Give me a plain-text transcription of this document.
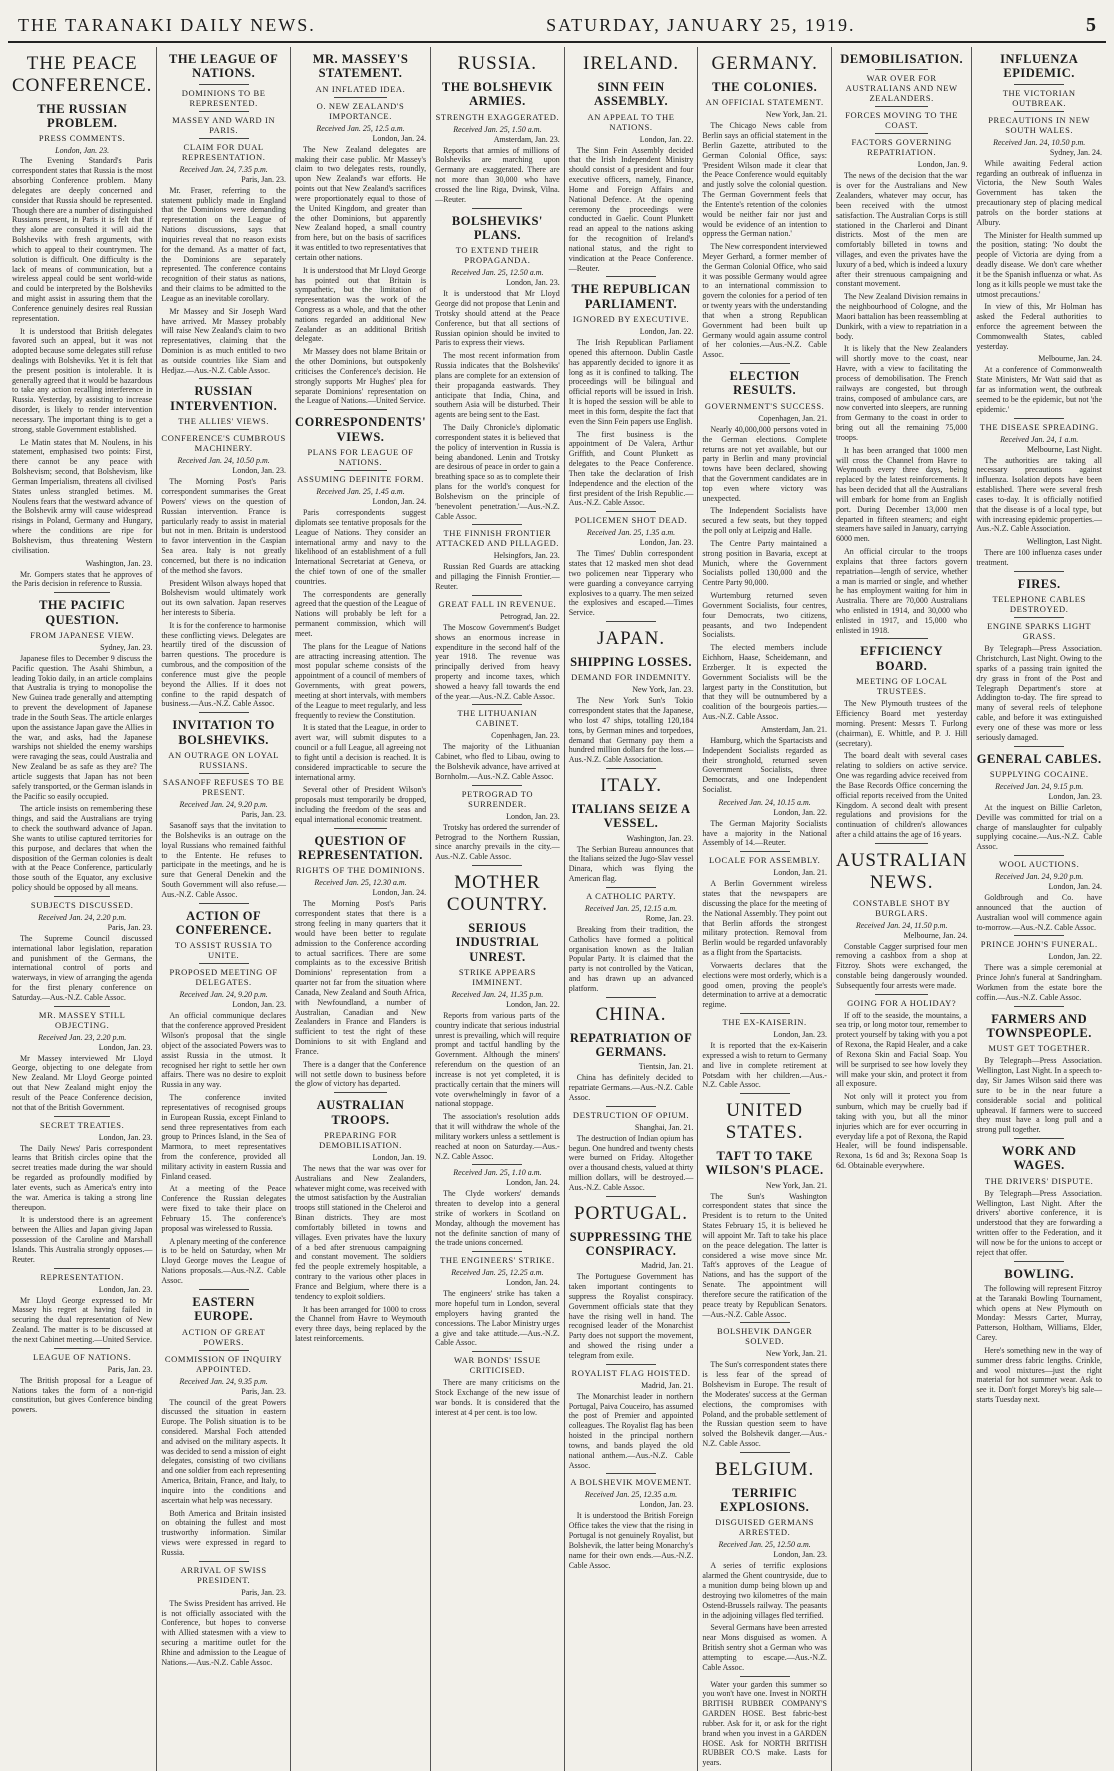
THE TARANAKI DAILY NEWS.	SATURDAY, JANUARY 25, 1919.	5
THE PEACE CONFERENCE.
THE RUSSIAN PROBLEM.
PRESS COMMENTS.
London, Jan. 23.

The Evening Standard's Paris correspondent states that Russia is the most absorbing Conference problem. Many delegates are deeply concerned and consider that Russia should be represented. Though there are a number of distinguished Russians present, in Paris it is felt that if they alone are consulted it will aid the Bolsheviks with fresh arguments, with which to appeal to their countrymen. The solution is difficult. One difficulty is the lack of means of communication, but a wireless appeal could be sent world-wide and could be interpreted by the Bolsheviks and might assist in assuring them that the Conference genuinely desires real Russian representation.

It is understood that British delegates favored such an appeal, but it was not adopted because some delegates still refuse dealings with Bolsheviks. Yet it is felt that the present position is intolerable. It is generally agreed that it would be hazardous to take any action recalling interference in Russia. Yesterday, by assisting to increase disorder, is likely to render intervention necessary. The important thing is to get a strong, stable Government established.

Le Matin states that M. Noulens, in his statement, emphasised two points: First, there cannot be any peace with Bolshevism; second, that Bolshevism, like German Imperialism, threatens all civilised States unless strangled betimes. M. Noulens fears that the westward advance of the Bolshevik army will cause widespread risings in Poland, Germany and Hungary, where the conditions are ripe for Bolshevism, thus threatening Western civilisation.

Washington, Jan. 23.

Mr. Gompers states that he approves of the Paris decision in reference to Russia.

THE PACIFIC QUESTION.
FROM JAPANESE VIEW.
Sydney, Jan. 23.

Japanese files to December 9 discuss the Pacific question. The Asahi Shimbun, a leading Tokio daily, in an article complains that Australia is trying to monopolise the New Guinea trade generally and attempting to prevent the development of Japanese trade in the South Seas. The article enlarges upon the assistance Japan gave the Allies in the war, and asks, had the Japanese warships not shielded the enemy warships were ravaging the seas, could Australia and New Zealand be as safe as they are? The article suggests that Japan has not been safely transported, or the German islands in the Pacific so easily occupied.

The article insists on remembering these things, and said the Australians are trying to check the southward advance of Japan. She wants to utilise captured territories for this purpose, and declares that when the disposition of the German colonies is dealt with at the Peace Conference, particularly those south of the Equator, any exclusive policy should be opposed by all means.

SUBJECTS DISCUSSED.
Received Jan. 24, 2.20 p.m.
Paris, Jan. 23.

The Supreme Council discussed international labor legislation, reparation and punishment of the Germans, the international control of ports and waterways, in view of arranging the agenda for the first plenary conference on Saturday.—Aus.-N.Z. Cable Assoc.

MR. MASSEY STILL OBJECTING.
Received Jan. 23, 2.20 p.m.
London, Jan. 23.

Mr Massey interviewed Mr Lloyd George, objecting to one delegate from New Zealand. Mr Lloyd George pointed out that New Zealand might enjoy the result of the Peace Conference decision, not that of the British Government.

SECRET TREATIES.
London, Jan. 23.

The Daily News' Paris correspondent learns that British circles opine that the secret treaties made during the war should be regarded as profoundly modified by later events, such as America's entry into the war. America is taking a strong line thereupon.

It is understood there is an agreement between the Allies and Japan giving Japan possession of the Caroline and Marshall Islands. This Australia strongly opposes.—Reuter.

REPRESENTATION.
London, Jan. 23.

Mr Lloyd George expressed to Mr Massey his regret at having failed in securing the dual representation of New Zealand. The matter is to be discussed at the next Cabinet meeting.—United Service.

LEAGUE OF NATIONS.
Paris, Jan. 23.

The British proposal for a League of Nations takes the form of a non-rigid constitution, but gives Conference binding powers.

THE LEAGUE OF NATIONS.
DOMINIONS TO BE REPRESENTED.
MASSEY AND WARD IN PARIS.
CLAIM FOR DUAL REPRESENTATION.
Received Jan. 24, 7.35 p.m.
Paris, Jan. 23.

Mr. Fraser, referring to the statement publicly made in England that the Dominions were demanding representation on the League of Nations discussions, says that inquiries reveal that no reason exists for the demand. As a matter of fact, the Dominions are separately represented. The conference contains recognition of their status as nations, and their claims to be admitted to the League as an inevitable corollary.

Mr Massey and Sir Joseph Ward have arrived. Mr Massey probably will raise New Zealand's claim to two representatives, claiming that the Dominion is as much entitled to two as outside countries like Siam and Hedjaz.—Aus.-N.Z. Cable Assoc.

RUSSIAN INTERVENTION.
THE ALLIES' VIEWS.
CONFERENCE'S CUMBROUS MACHINERY.
Received Jan. 24, 10.50 p.m.
London, Jan. 23.

The Morning Post's Paris correspondent summarises the Great Powers' views on the question of Russian intervention. France is particularly ready to assist in material but not in men. Britain is understood to favor intervention in the Caspian Sea area. Italy is not greatly concerned, but there is no indication of the method she favors.

President Wilson always hoped that Bolshevism would ultimately work out its own salvation. Japan reserves her interests to Siberia.

It is for the conference to harmonise these conflicting views. Delegates are heartily tired of the discussion of barren questions. The procedure is cumbrous, and the composition of the conference must give the people beyond the Allies. If it does not confine to the rapid despatch of business.—Aus.-N.Z. Cable Assoc.

INVITATION TO BOLSHEVIKS.
AN OUTRAGE ON LOYAL RUSSIANS.
SASANOFF REFUSES TO BE PRESENT.
Received Jan. 24, 9.20 p.m.
Paris, Jan. 23.

Sasanoff says that the invitation to the Bolsheviks is an outrage on the loyal Russians who remained faithful to the Entente. He refuses to participate in the meetings, and he is sure that General Denekin and the South Government will also refuse.—Aus.-N.Z. Cable Assoc.

ACTION OF CONFERENCE.
TO ASSIST RUSSIA TO UNITE.
PROPOSED MEETING OF DELEGATES.
Received Jan. 24, 9.20 p.m.
London, Jan. 23.

An official communique declares that the conference approved President Wilson's proposal that the single object of the associated Powers was to assist Russia in the utmost. It recognised her right to settle her own affairs. There was no desire to exploit Russia in any way.

The conference invited representatives of recognised groups in European Russia, except Finland to send three representatives from each group to Princes Island, in the Sea of Marmora, to meet representatives from the conference, provided all military activity in eastern Russia and Finland ceased.

At a meeting of the Peace Conference the Russian delegates were fixed to take their place on February 15. The conference's proposal was wirelessed to Russia.

A plenary meeting of the conference is to be held on Saturday, when Mr Lloyd George moves the League of Nations proposals.—Aus.-N.Z. Cable Assoc.

EASTERN EUROPE.
ACTION OF GREAT POWERS.
COMMISSION OF INQUIRY APPOINTED.
Received Jan. 24, 9.35 p.m.
Paris, Jan. 23.

The council of the great Powers discussed the situation in eastern Europe. The Polish situation is to be considered. Marshal Foch attended and advised on the military aspects. It was decided to send a mission of eight delegates, consisting of two civilians and one soldier from each representing America, Britain, France, and Italy, to inquire into the conditions and ascertain what help was necessary.

Both America and Britain insisted on obtaining the fullest and most trustworthy information. Similar views were expressed in regard to Russia.

ARRIVAL OF SWISS PRESIDENT.
Paris, Jan. 23.

The Swiss President has arrived. He is not officially associated with the Conference, but hopes to converse with Allied statesmen with a view to securing a maritime outlet for the Rhine and admission to the League of Nations.—Aus.-N.Z. Cable Assoc.

MR. MASSEY'S STATEMENT.
AN INFLATED IDEA.
O. NEW ZEALAND'S IMPORTANCE.
Received Jan. 25, 12.5 a.m.
London, Jan. 24.

The New Zealand delegates are making their case public. Mr Massey's claim to two delegates rests, roundly, upon New Zealand's war efforts. He points out that New Zealand's sacrifices were proportionately equal to those of the United Kingdom, and greater than the other Dominions, but apparently New Zealand hoped, a small country from here, but on the basis of sacrifices it was entitled to two representatives that certain other nations.

It is understood that Mr Lloyd George has pointed out that Britain is sympathetic, but the limitation of representation was the work of the Congress as a whole, and that the other nations regarded an additional New Zealander as an additional British delegate.

Mr Massey does not blame Britain or the other Dominions, but outspokenly criticises the Conference's decision. He strongly supports Mr Hughes' plea for separate Dominions' representation on the League of Nations.—United Service.

CORRESPONDENTS' VIEWS.
PLANS FOR LEAGUE OF NATIONS.
ASSUMING DEFINITE FORM.
Received Jan. 25, 1.45 a.m.
London, Jan. 24.

Paris correspondents suggest diplomats see tentative proposals for the League of Nations. They consider an international army and navy to the likelihood of an establishment of a full International Secretariat at Geneva, or the chief town of one of the smaller countries.

The correspondents are generally agreed that the question of the League of Nations will probably be left for a permanent commission, which will meet.

The plans for the League of Nations are attracting increasing attention. The most popular scheme consists of the appointment of a council of members of Governments, with great powers, meeting at short intervals, with members of the League to meet regularly, and less frequently to review the Constitution.

It is stated that the League, in order to avert war, will submit disputes to a council or a full League, all agreeing not to fight until a decision is reached. It is considered impracticable to secure the international army.

Several other of President Wilson's proposals must temporarily be dropped, including the freedom of the seas and equal international economic treatment.

QUESTION OF REPRESENTATION.
RIGHTS OF THE DOMINIONS.
Received Jan. 25, 12.30 a.m.
London, Jan. 24.

The Morning Post's Paris correspondent states that there is a strong feeling in many quarters that it would have been better to regulate admission to the Conference according to actual sacrifices. There are some complaints as to the excessive British Dominions' representation from a quarter not far from the situation where Canada, New Zealand and South Africa, with Newfoundland, a number of Australian, Canadian and New Zealanders in France and Flanders is sufficient to test the right of these Dominions to sit with England and France.

There is a danger that the Conference will not settle down to business before the glow of victory has departed.

AUSTRALIAN TROOPS.
PREPARING FOR DEMOBILISATION.
London, Jan. 19.

The news that the war was over for Australians and New Zealanders, whatever might come, was received with the utmost satisfaction by the Australian troops still stationed in the Cheleroi and Binan districts. They are most comfortably billeted in towns and villages. Even privates have the luxury of a bed after strenuous campaigning and constant movement. The soldiers fed the people extremely hospitable, a contrary to the various other places in France and Belgium, where there is a tendency to exploit soldiers.

It has been arranged for 1000 to cross the Channel from Havre to Weymouth every three days, being replaced by the latest reinforcements.

RUSSIA.
THE BOLSHEVIK ARMIES.
STRENGTH EXAGGERATED.
Received Jan. 25, 1.50 a.m.
Amsterdam, Jan. 23.

Reports that armies of millions of Bolsheviks are marching upon Germany are exaggerated. There are not more than 30,000 who have crossed the line Riga, Dvinsk, Vilna.—Reuter.

BOLSHEVIKS' PLANS.
TO EXTEND THEIR PROPAGANDA.
Received Jan. 25, 12.50 a.m.
London, Jan. 23.

It is understood that Mr Lloyd George did not propose that Lenin and Trotsky should attend at the Peace Conference, but that all sections of Russian opinion should be invited to Paris to express their views.

The most recent information from Russia indicates that the Bolsheviks' plans are complete for an extension of their propaganda eastwards. They anticipate that India, China, and southern Asia will be disturbed. Their agents are being sent to the East.

The Daily Chronicle's diplomatic correspondent states it is believed that the policy of intervention in Russia is being abandoned. Lenin and Trotsky are desirous of peace in order to gain a breathing space so as to complete their plans for the world's conquest for Bolshevism on the principle of 'benevolent penetration.'—Aus.-N.Z. Cable Assoc.

THE FINNISH FRONTIER ATTACKED AND PILLAGED.
Helsingfors, Jan. 23.

Russian Red Guards are attacking and pillaging the Finnish Frontier.—Reuter.

GREAT FALL IN REVENUE.
Petrograd, Jan. 22.

The Moscow Government's Budget shows an enormous increase in expenditure in the second half of the year 1918. The revenue was principally derived from heavy property and income taxes, which showed a heavy fall towards the end of the year.—Aus.-N.Z. Cable Assoc.

THE LITHUANIAN CABINET.
Copenhagen, Jan. 23.

The majority of the Lithuanian Cabinet, who fled to Libau, owing to the Bolshevik advance, have arrived at Bornholm.—Aus.-N.Z. Cable Assoc.

PETROGRAD TO SURRENDER.
London, Jan. 23.

Trotsky has ordered the surrender of Petrograd to the Northern Russian, since anarchy prevails in the city.—Aus.-N.Z. Cable Assoc.

MOTHER COUNTRY.
SERIOUS INDUSTRIAL UNREST.
STRIKE APPEARS IMMINENT.
Received Jan. 24, 11.35 p.m.
London, Jan. 22.

Reports from various parts of the country indicate that serious industrial unrest is prevailing, which will require prompt and tactful handling by the Government. Although the miners' referendum on the question of an increase is not yet completed, it is practically certain that the miners will vote overwhelmingly in favor of a national stoppage.

The association's resolution adds that it will withdraw the whole of the military workers unless a settlement is reached at noon on Saturday.—Aus.-N.Z. Cable Assoc.

Received Jan. 25, 1.10 a.m.
London, Jan. 24.

The Clyde workers' demands threaten to develop into a general strike of workers in Scotland on Monday, although the movement has not the definite sanction of many of the trade unions concerned.

THE ENGINEERS' STRIKE.
Received Jan. 25, 12.25 a.m.
London, Jan. 24.

The engineers' strike has taken a more hopeful turn in London, several employers having granted the concessions. The Labor Ministry urges a give and take attitude.—Aus.-N.Z. Cable Assoc.

WAR BONDS' ISSUE CRITICISED.

There are many criticisms on the Stock Exchange of the new issue of war bonds. It is considered that the interest at 4 per cent. is too low.

IRELAND.
SINN FEIN ASSEMBLY.
AN APPEAL TO THE NATIONS.
London, Jan. 22.

The Sinn Fein Assembly decided that the Irish Independent Ministry should consist of a president and four executive officers, namely, Finance, Home and Foreign Affairs and National Defence. At the opening ceremony the proceedings were conducted in Gaelic. Count Plunkett read an appeal to the nations asking for the recognition of Ireland's national status, and the right to vindication at the Peace Conference.—Reuter.

THE REPUBLICAN PARLIAMENT.
IGNORED BY EXECUTIVE.
London, Jan. 22.

The Irish Republican Parliament opened this afternoon. Dublin Castle has apparently decided to ignore it as long as it is confined to talking. The proceedings will be bilingual and official reports will be issued in Irish. It is hoped the session will be able to meet in this form, despite the fact that even the Sinn Fein papers use English.

The first business is the appointment of De Valera, Arthur Griffith, and Count Plunkett as delegates to the Peace Conference. Then take the declaration of Irish Independence and the election of the first president of the Irish Republic.—Aus.-N.Z. Cable Assoc.

POLICEMEN SHOT DEAD.
Received Jan. 25, 1.35 a.m.
London, Jan. 23.

The Times' Dublin correspondent states that 12 masked men shot dead two policemen near Tipperary who were guarding a conveyance carrying explosives to a quarry. The men seized the explosives and escaped.—Times Service.

JAPAN.
SHIPPING LOSSES.
DEMAND FOR INDEMNITY.
New York, Jan. 23.

The New York Sun's Tokio correspondent states that the Japanese, who lost 47 ships, totalling 120,184 tons, by German mines and torpedoes, demand that Germany pay them a hundred million dollars for the loss.—Aus.-N.Z. Cable Association.

ITALY.
ITALIANS SEIZE A VESSEL.
Washington, Jan. 23.

The Serbian Bureau announces that the Italians seized the Jugo-Slav vessel Dinara, which was flying the American flag.

A CATHOLIC PARTY.
Received Jan. 25, 12.15 a.m.
Rome, Jan. 23.

Breaking from their tradition, the Catholics have formed a political organisation known as the Italian Popular Party. It is claimed that the party is not controlled by the Vatican, and has drawn up an advanced platform.

CHINA.
REPATRIATION OF GERMANS.
Tientsin, Jan. 21.

China has definitely decided to repatriate Germans.—Aus.-N.Z. Cable Assoc.

DESTRUCTION OF OPIUM.
Shanghai, Jan. 21.

The destruction of Indian opium has begun. One hundred and twenty chests were burned on Friday. Altogether over a thousand chests, valued at thirty million dollars, will be destroyed.—Aus.-N.Z. Cable Assoc.

PORTUGAL.
SUPPRESSING THE CONSPIRACY.
Madrid, Jan. 21.

The Portuguese Government has taken important contingents to suppress the Royalist conspiracy. Government officials state that they have the rising well in hand. The recognised leader of the Monarchist Party does not support the movement, and showed the rising under a telegram from exile.

ROYALIST FLAG HOISTED.
Madrid, Jan. 21.

The Monarchist leader in northern Portugal, Paiva Couceiro, has assumed the post of Premier and appointed colleagues. The Royalist flag has been hoisted in the principal northern towns, and bands played the old national anthem.—Aus.-N.Z. Cable Assoc.

A BOLSHEVIK MOVEMENT.
Received Jan. 25, 12.35 a.m.
London, Jan. 23.

It is understood the British Foreign Office takes the view that the rising in Portugal is not genuinely Royalist, but Bolshevik, the latter being Monarchy's name for their own ends.—Aus.-N.Z. Cable Assoc.

GERMANY.
THE COLONIES.
AN OFFICIAL STATEMENT.
New York, Jan. 21.

The Chicago News cable from Berlin says an official statement in the Berlin Gazette, attributed to the German Colonial Office, says: 'President Wilson made it clear that the Peace Conference would equitably and justly solve the colonial question. The German Government feels that the Entente's retention of the colonies would be neither fair nor just and would be evidence of an intention to oppress the German nation.'

The New correspondent interviewed Meyer Gerhard, a former member of the German Colonial Office, who said it was possible Germany would agree to an international commission to govern the colonies for a period of ten or twenty years with the understanding that when a strong Republican Government had been built up Germany would again assume control of her colonies.—Aus.-N.Z. Cable Assoc.

ELECTION RESULTS.
GOVERNMENT'S SUCCESS.
Copenhagen, Jan. 21.

Nearly 40,000,000 persons voted in the German elections. Complete returns are not yet available, but our party in Berlin and many provincial towns have been declared, showing that the Government candidates are in top even where victory was unexpected.

The Independent Socialists have secured a few seats, but they topped the poll only at Leipzig and Halle.

The Centre Party maintained a strong position in Bavaria, except at Munich, where the Government Socialists polled 130,000 and the Centre Party 90,000.

Wurtemburg returned seven Government Socialists, four centres, four Democrats, two citizens, peasants, and two Independent Socialists.

The elected members include Eichhorn, Haase, Scheidemann, and Erzberger. It is expected the Government Socialists will be the largest party in the Constitution, but that they will be outnumbered by a coalition of the bourgeois parties.—Aus.-N.Z. Cable Assoc.

Amsterdam, Jan. 21.

Hamburg, which the Spartacists and Independent Socialists regarded as their stronghold, returned seven Government Socialists, three Democrats, and one Independent Socialist.

Received Jan. 24, 10.15 a.m.
London, Jan. 22.

The German Majority Socialists have a majority in the National Assembly of 14.—Reuter.

LOCALE FOR ASSEMBLY.
London, Jan. 21.

A Berlin Government wireless states that the newspapers are discussing the place for the meeting of the National Assembly. They point out that Berlin affords the strongest military protection. Removal from Berlin would be regarded unfavorably as a flight from the Spartacists.

Vorwaerts declares that the elections were most orderly, which is a good omen, proving the people's determination to arrive at a democratic regime.

THE EX-KAISERIN.
London, Jan. 23.

It is reported that the ex-Kaiserin expressed a wish to return to Germany and live in complete retirement at Potsdam with her children.—Aus.-N.Z. Cable Assoc.

UNITED STATES.
TAFT TO TAKE WILSON'S PLACE.
New York, Jan. 21.

The Sun's Washington correspondent states that since the President is to return to the United States February 15, it is believed he will appoint Mr. Taft to take his place on the peace delegation. The latter is considered a wise move since Mr. Taft's approves of the League of Nations, and has the support of the Senate. The appointment will therefore secure the ratification of the peace treaty by Republican Senators.—Aus.-N.Z. Cable Assoc.

BOLSHEVIK DANGER SOLVED.
New York, Jan. 21.

The Sun's correspondent states there is less fear of the spread of Bolshevism in Europe. The result of the Moderates' success at the German elections, the compromises with Poland, and the probable settlement of the Russian question seem to have solved the Bolshevik danger.—Aus.-N.Z. Cable Assoc.

BELGIUM.
TERRIFIC EXPLOSIONS.
DISGUISED GERMANS ARRESTED.
Received Jan. 25, 12.50 a.m.
London, Jan. 23.

A series of terrific explosions alarmed the Ghent countryside, due to a munition dump being blown up and destroying two kilometres of the main Ostend-Brussels railway. The peasants in the adjoining villages fled terrified.

Several Germans have been arrested near Mons disguised as women. A British sentry shot a German who was attempting to escape.—Aus.-N.Z. Cable Assoc.

Water your garden this summer so you won't have one. Invest in NORTH BRITISH RUBBER COMPANY'S GARDEN HOSE. Best fabric-best rubber. Ask for it, or ask for the right brand when you invest in a GARDEN HOSE. Ask for NORTH BRITISH RUBBER CO.'S make. Lasts for years.

DEMOBILISATION.
WAR OVER FOR AUSTRALIANS AND NEW ZEALANDERS.
FORCES MOVING TO THE COAST.
FACTORS GOVERNING REPATRIATION.
London, Jan. 9.

The news of the decision that the war is over for the Australians and New Zealanders, whatever may occur, has been received with the utmost satisfaction. The Australian Corps is still stationed in the Charleroi and Dinant districts. Most of the men are comfortably billeted in towns and villages, and even the privates have the luxury of a bed, which is indeed a luxury after their strenuous campaigning and constant movement.

The New Zealand Division remains in the neighbourhood of Cologne, and the Maori battalion has been reassembling at Dunkirk, with a view to repatriation in a body.

It is likely that the New Zealanders will shortly move to the coast, near Havre, with a view to facilitating the process of demobilisation. The French railways are congested, but through trains, composed of ambulance cars, are now converted into sleepers, are running from Germany to the coast in order to bring out all the remaining 75,000 troops.

It has been arranged that 1000 men will cross the Channel from Havre to Weymouth every three days, being replaced by the latest reinforcements. It has been decided that all the Australians will embark for home from an English port. During December 13,000 men departed in fifteen steamers; and eight steamers have sailed in January, carrying 6000 men.

An official circular to the troops explains that three factors govern repatriation—length of service, whether a man is married or single, and whether he has employment waiting for him in Australia. There are 70,000 Australians who enlisted in 1914, and 30,000 who enlisted in 1917, and 15,000 who enlisted in 1918.

EFFICIENCY BOARD.
MEETING OF LOCAL TRUSTEES.

The New Plymouth trustees of the Efficiency Board met yesterday morning. Present: Messrs T. Furlong (chairman), E. Whittle, and P. J. Hill (secretary).

The board dealt with several cases relating to soldiers on active service. One was regarding advice received from the Base Records Office concerning the official reports received from the United Kingdom. A second dealt with present regulations and provisions for the continuation of children's allowances after a child attains the age of 16 years.

AUSTRALIAN NEWS.
CONSTABLE SHOT BY BURGLARS.
Received Jan. 24, 11.50 p.m.
Melbourne, Jan. 24.

Constable Cagger surprised four men removing a cashbox from a shop at Fitzroy. Shots were exchanged, the constable being dangerously wounded. Subsequently four arrests were made.

GOING FOR A HOLIDAY?

If off to the seaside, the mountains, a sea trip, or long motor tour, remember to protect yourself by taking with you a pot of Rexona, the Rapid Healer, and a cake of Rexona Skin and Facial Soap. You will be surprised to see how lovely they will make your skin, and protect it from all exposure.

Not only will it protect you from sunburn, which may be cruelly bad if taking with you, but all the minor injuries which are for ever occurring in everyday life a pot of Rexona, the Rapid Healer, will be found indispensable. Rexona, 1s 6d and 3s; Rexona Soap 1s 6d. Obtainable everywhere.

INFLUENZA EPIDEMIC.
THE VICTORIAN OUTBREAK.
PRECAUTIONS IN NEW SOUTH WALES.
Received Jan. 24, 10.50 p.m.
Sydney, Jan. 24.

While awaiting Federal action regarding an outbreak of influenza in Victoria, the New South Wales Government has taken the precautionary step of placing medical patrols on the border stations at Albury.

The Minister for Health summed up the position, stating: 'No doubt the people of Victoria are dying from a deadly disease. We don't care whether it be the Spanish influenza or what. As long as it kills people we must take the utmost precautions.'

In view of this, Mr Holman has asked the Federal authorities to enforce the agreement between the Commonwealth States, cabled yesterday.

Melbourne, Jan. 24.

At a conference of Commonwealth State Ministers, Mr Watt said that as far as information went, the outbreak seemed to be the epidemic, but not 'the epidemic.'

THE DISEASE SPREADING.
Received Jan. 24, 1 a.m.
Melbourne, Last Night.

The authorities are taking all necessary precautions against influenza. Isolation depots have been established. There were several fresh cases to-day. It is officially notified that the disease is of a local type, but with increasing epidemic properties.—Aus.-N.Z. Cable Association.

Wellington, Last Night.

There are 100 influenza cases under treatment.

FIRES.
TELEPHONE CABLES DESTROYED.
ENGINE SPARKS LIGHT GRASS.

By Telegraph—Press Association. Christchurch, Last Night. Owing to the sparks of a passing train ignited the dry grass in front of the Post and Telegraph Department's store at Addington to-day. The fire spread to many of several reels of telephone cable, and before it was extinguished every one of these was more or less seriously damaged.

GENERAL CABLES.
SUPPLYING COCAINE.
Received Jan. 24, 9.15 p.m.
London, Jan. 23.

At the inquest on Billie Carleton, Deville was committed for trial on a charge of manslaughter for culpably supplying cocaine.—Aus.-N.Z. Cable Assoc.

WOOL AUCTIONS.
Received Jan. 24, 9.20 p.m.
London, Jan. 24.

Goldbrough and Co. have announced that the auction of Australian wool will commence again to-morrow.—Aus.-N.Z. Cable Assoc.

PRINCE JOHN'S FUNERAL.
London, Jan. 22.

There was a simple ceremonial at Prince John's funeral at Sandringham. Workmen from the estate bore the coffin.—Aus.-N.Z. Cable Assoc.

FARMERS AND TOWNSPEOPLE.
MUST GET TOGETHER.

By Telegraph—Press Association. Wellington, Last Night. In a speech to-day, Sir James Wilson said there was sure to be in the near future a considerable social and political upheaval. If farmers were to succeed they must have a long pull and a strong pull together.

WORK AND WAGES.
THE DRIVERS' DISPUTE.

By Telegraph—Press Association. Wellington, Last Night. After the drivers' abortive conference, it is understood that they are forwarding a written offer to the Federation, and it will now be for the unions to accept or reject that offer.

BOWLING.

The following will represent Fitzroy at the Taranaki Bowling Tournament, which opens at New Plymouth on Monday: Messrs Carter, Murray, Patterson, Holtham, Williams, Elder, Carey.

Here's something new in the way of summer dress fabric lengths. Crinkle, and wool mixtures—just the right material for hot summer wear. Ask to see it. Don't forget Morey's big sale—starts Tuesday next.
